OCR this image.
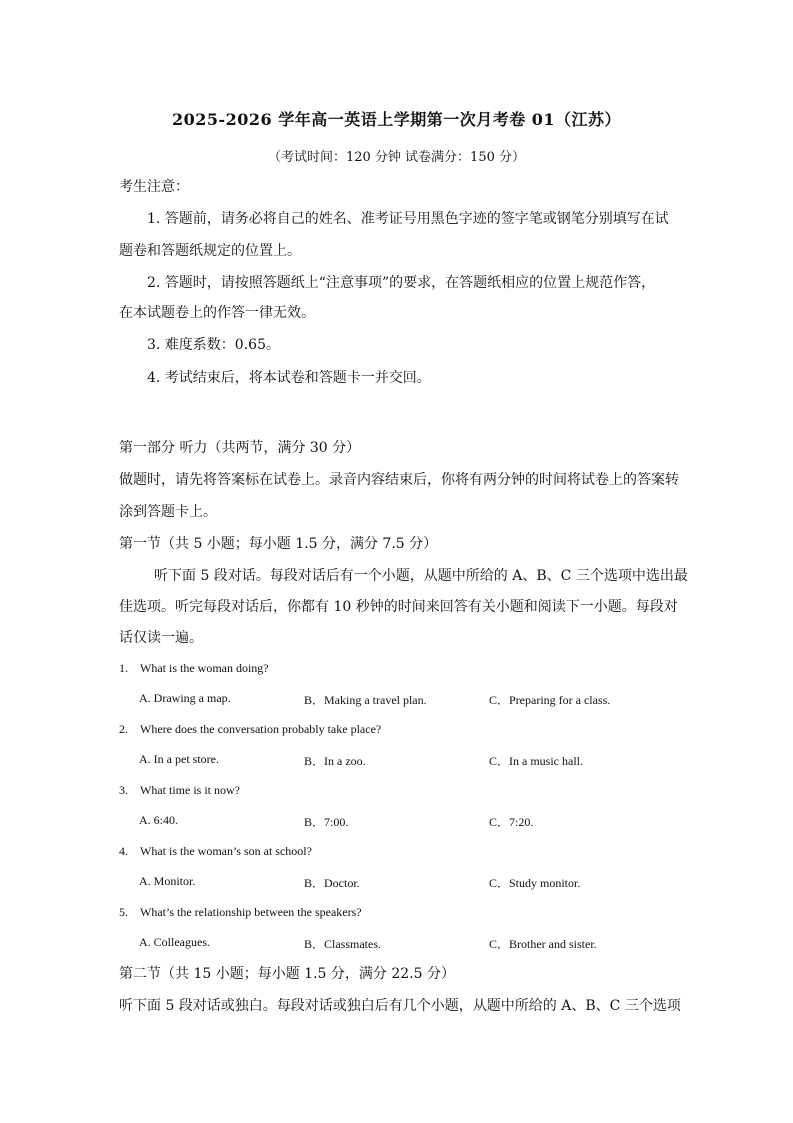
2025-2026 学年高一英语上学期第一次月考卷 01（江苏）
（考试时间：120 分钟 试卷满分：150 分）
考生注意：
1. 答题前，请务必将自己的姓名、准考证号用黑色字迹的签字笔或钢笔分别填写在试
题卷和答题纸规定的位置上。
2. 答题时，请按照答题纸上“注意事项”的要求，在答题纸相应的位置上规范作答，
在本试题卷上的作答一律无效。
3. 难度系数：0.65。
4. 考试结束后，将本试卷和答题卡一并交回。
第一部分 听力（共两节，满分 30 分）
做题时，请先将答案标在试卷上。录音内容结束后，你将有两分钟的时间将试卷上的答案转
涂到答题卡上。
第一节（共 5 小题；每小题 1.5 分，满分 7.5 分）
听下面 5 段对话。每段对话后有一个小题，从题中所给的 A、B、C 三个选项中选出最
佳选项。听完每段对话后，你都有 10 秒钟的时间来回答有关小题和阅读下一小题。每段对
话仅读一遍。
1. What is the woman doing?
A. Drawing a map.	B．Making a travel plan.	C．Preparing for a class.
2. Where does the conversation probably take place?
A. In a pet store.	B．In a zoo.	C．In a music hall.
3. What time is it now?
A. 6:40.	B．7:00.	C．7:20.
4. What is the woman’s son at school?
A. Monitor.	B．Doctor.	C．Study monitor.
5. What’s the relationship between the speakers?
A. Colleagues.	B．Classmates.	C．Brother and sister.
第二节（共 15 小题；每小题 1.5 分，满分 22.5 分）
听下面 5 段对话或独白。每段对话或独白后有几个小题，从题中所给的 A、B、C 三个选项
